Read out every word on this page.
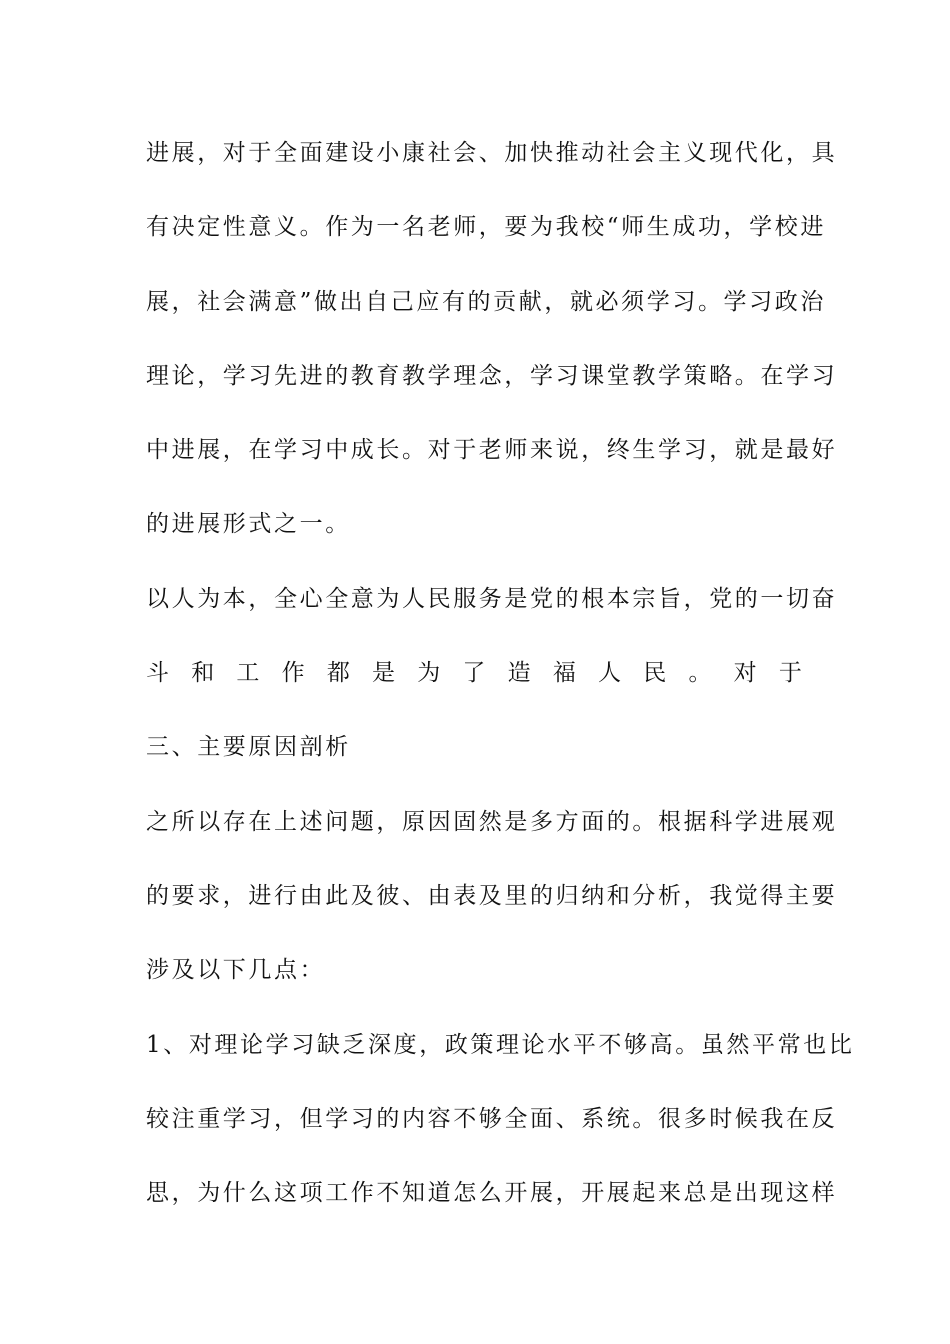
进展，对于全面建设小康社会、加快推动社会主义现代化，具
有决定性意义。作为一名老师，要为我校“师生成功，学校进
展，社会满意”做出自己应有的贡献，就必须学习。学习政治
理论，学习先进的教育教学理念，学习课堂教学策略。在学习
中进展，在学习中成长。对于老师来说，终生学习，就是最好
的进展形式之一。
以人为本，全心全意为人民服务是党的根本宗旨，党的一切奋
斗 和 工 作 都 是 为 了 造 福 人 民 。 对 于
三、主要原因剖析
之所以存在上述问题，原因固然是多方面的。根据科学进展观
的要求，进行由此及彼、由表及里的归纳和分析，我觉得主要
涉及以下几点：
1、对理论学习缺乏深度，政策理论水平不够高。虽然平常也比
较注重学习，但学习的内容不够全面、系统。很多时候我在反
思，为什么这项工作不知道怎么开展，开展起来总是出现这样
